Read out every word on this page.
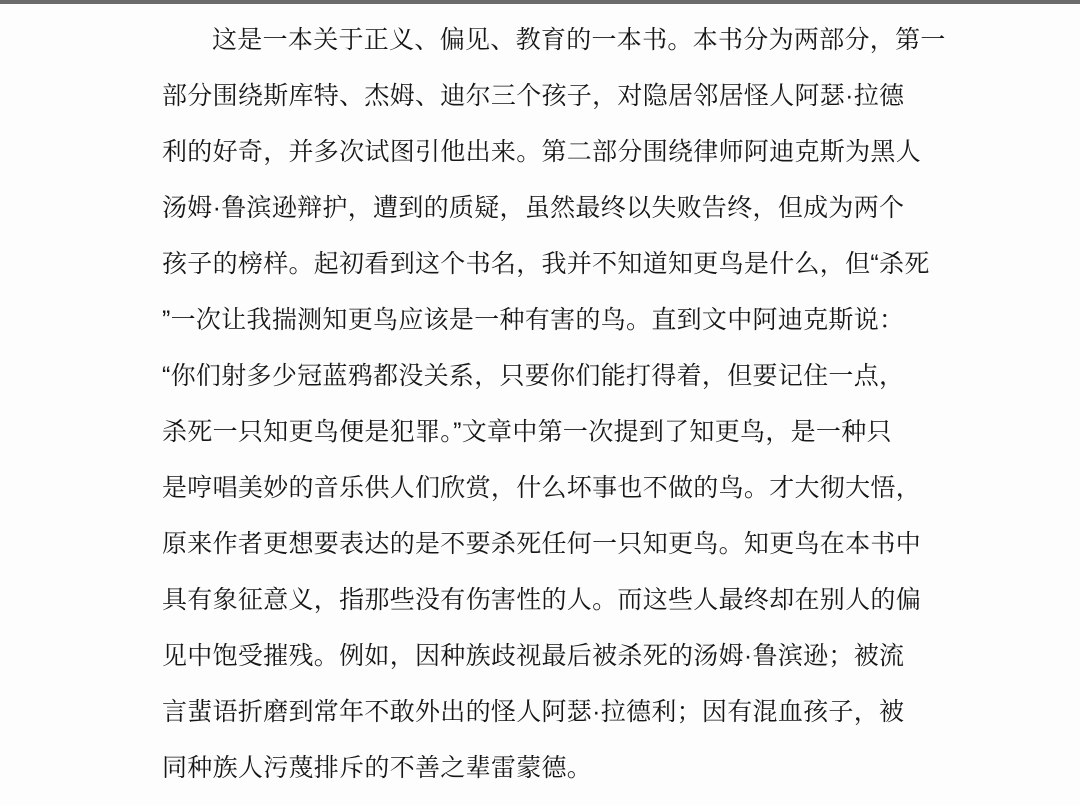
这是一本关于正义、偏见、教育的一本书。本书分为两部分，第一
部分围绕斯库特、杰姆、迪尔三个孩子，对隐居邻居怪人阿瑟·拉德
利的好奇，并多次试图引他出来。第二部分围绕律师阿迪克斯为黑人
汤姆·鲁滨逊辩护，遭到的质疑，虽然最终以失败告终，但成为两个
孩子的榜样。起初看到这个书名，我并不知道知更鸟是什么，但“杀死
”一次让我揣测知更鸟应该是一种有害的鸟。直到文中阿迪克斯说：
“你们射多少冠蓝鸦都没关系，只要你们能打得着，但要记住一点，
杀死一只知更鸟便是犯罪。”文章中第一次提到了知更鸟，是一种只
是哼唱美妙的音乐供人们欣赏，什么坏事也不做的鸟。才大彻大悟，
原来作者更想要表达的是不要杀死任何一只知更鸟。知更鸟在本书中
具有象征意义，指那些没有伤害性的人。而这些人最终却在别人的偏
见中饱受摧残。例如，因种族歧视最后被杀死的汤姆·鲁滨逊；被流
言蜚语折磨到常年不敢外出的怪人阿瑟·拉德利；因有混血孩子，被
同种族人污蔑排斥的不善之辈雷蒙德。
